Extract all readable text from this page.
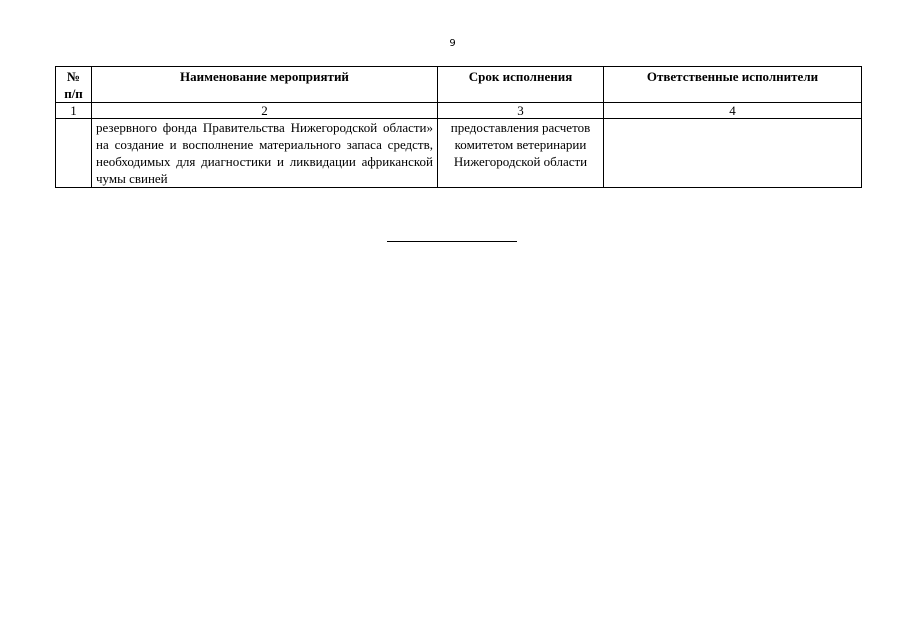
9
№ п/п	Наименование мероприятий	Срок исполнения	Ответственные исполнители
1	2	3	4
	резервного фонда Правительства Нижегородской области» на создание и восполнение материального запаса средств, необходимых для диагностики и ликвидации африканской чумы свиней	предоставления расчетов комитетом ветеринарии Нижегородской области	
